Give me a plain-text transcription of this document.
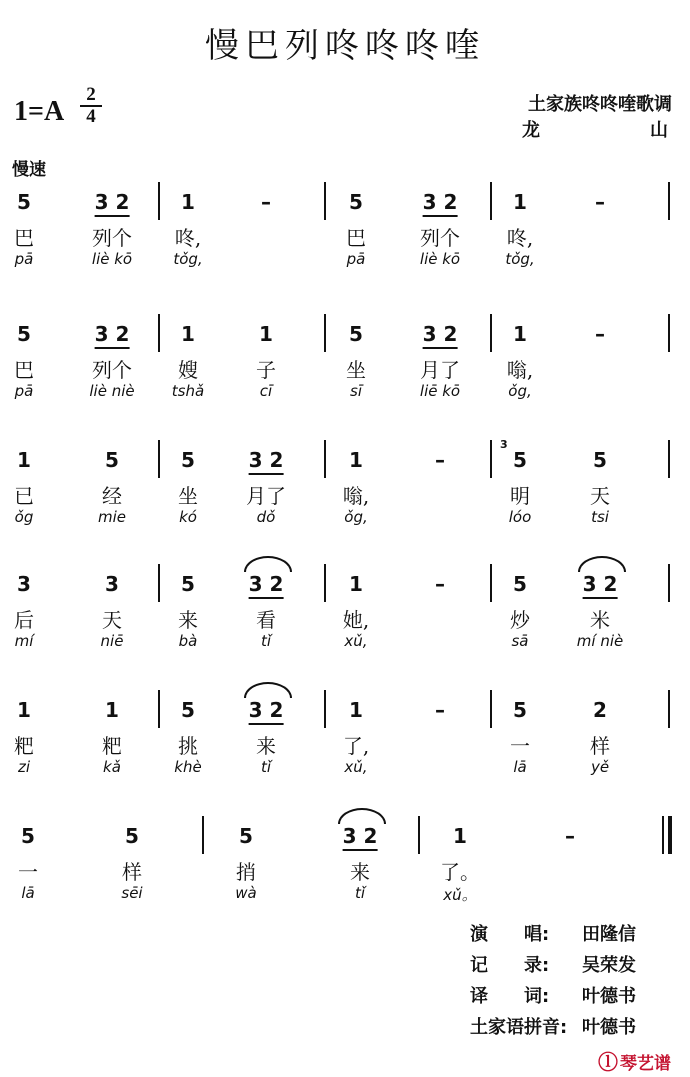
慢巴列咚咚咚喹
1=A
2
4
土家族咚咚喹歌调
龙	山
慢速
5
巴
pā
3 2
列个
liè kō
1
咚,
tǒg,
–	5
巴
pā
3 2
列个
liè kō
1
咚,
tǒg,
–
5
巴
pā
3 2
列个
liè niè
1
嫂
tshǎ
1
子
cī
5
坐
sī
3 2
月了
liē kō
1
嗡,
ǒg,
–
1
已
ǒg
5
经
mie
5
坐
kó
3 2
月了
dǒ
1
嗡,
ǒg,
–	5
3
明
lóo
5
天
tsi
3
后
mí
3
天
niē
5
来
bà
3 2
看
tǐ
1
她,
xǔ,
–	5
炒
sā
3 2
米
mí niè
1
粑
zi
1
粑
kǎ
5
挑
khè
3 2
来
tǐ
1
了,
xǔ,
–	5
一
lā
2
样
yě
5
一
lā
5
样
sēi
5
捎
wà
3 2
来
tǐ
1
了。
xǔ。
–
演　　唱: 田隆信
记　　录: 吴荣发
译　　词: 叶德书
土家语拼音: 叶德书
ⓛ 琴艺谱
